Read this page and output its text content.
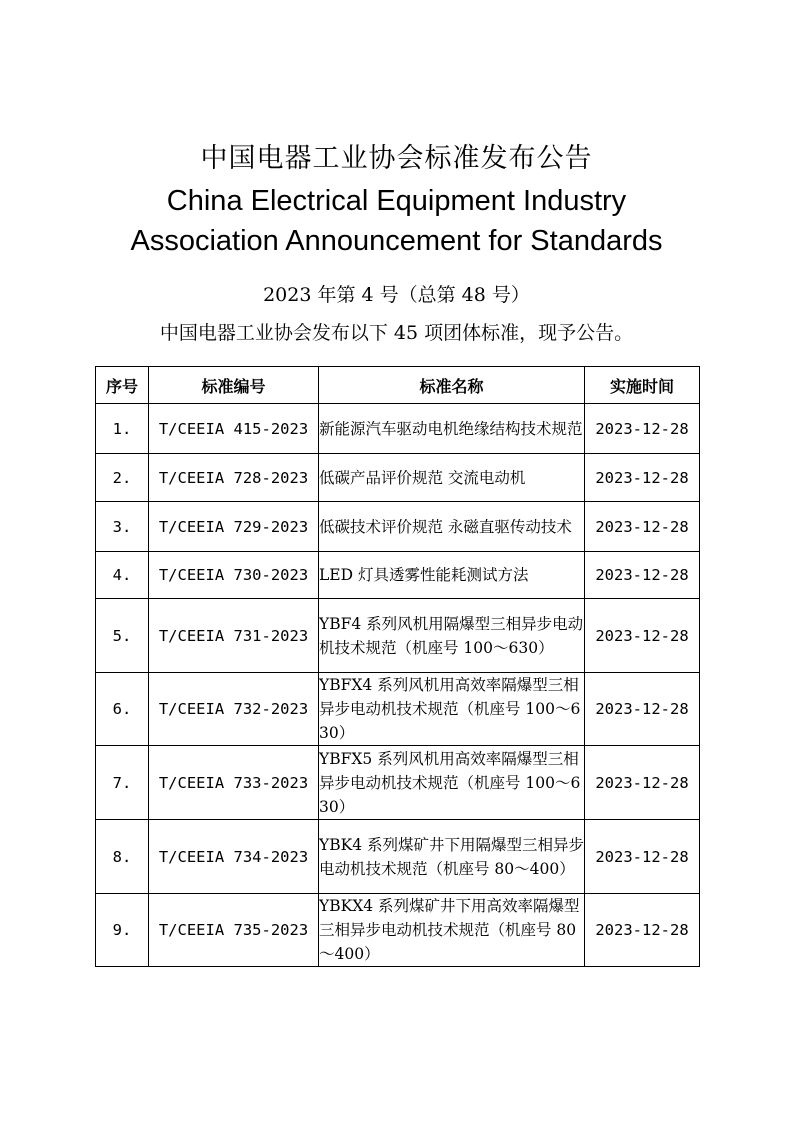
中国电器工业协会标准发布公告
China Electrical Equipment Industry
Association Announcement for Standards
2023 年第 4 号（总第 48 号）
中国电器工业协会发布以下 45 项团体标准，现予公告。
序号	标准编号	标准名称	实施时间
1.	T/CEEIA 415-2023	新能源汽车驱动电机绝缘结构技术规范	2023-12-28
2.	T/CEEIA 728-2023	低碳产品评价规范 交流电动机	2023-12-28
3.	T/CEEIA 729-2023	低碳技术评价规范 永磁直驱传动技术	2023-12-28
4.	T/CEEIA 730-2023	LED 灯具透雾性能耗测试方法	2023-12-28
5.	T/CEEIA 731-2023	YBF4 系列风机用隔爆型三相异步电动机技术规范（机座号 100～630）	2023-12-28
6.	T/CEEIA 732-2023	YBFX4 系列风机用高效率隔爆型三相异步电动机技术规范（机座号 100～630）	2023-12-28
7.	T/CEEIA 733-2023	YBFX5 系列风机用高效率隔爆型三相异步电动机技术规范（机座号 100～630）	2023-12-28
8.	T/CEEIA 734-2023	YBK4 系列煤矿井下用隔爆型三相异步电动机技术规范（机座号 80～400）	2023-12-28
9.	T/CEEIA 735-2023	YBKX4 系列煤矿井下用高效率隔爆型三相异步电动机技术规范（机座号 80～400）	2023-12-28
